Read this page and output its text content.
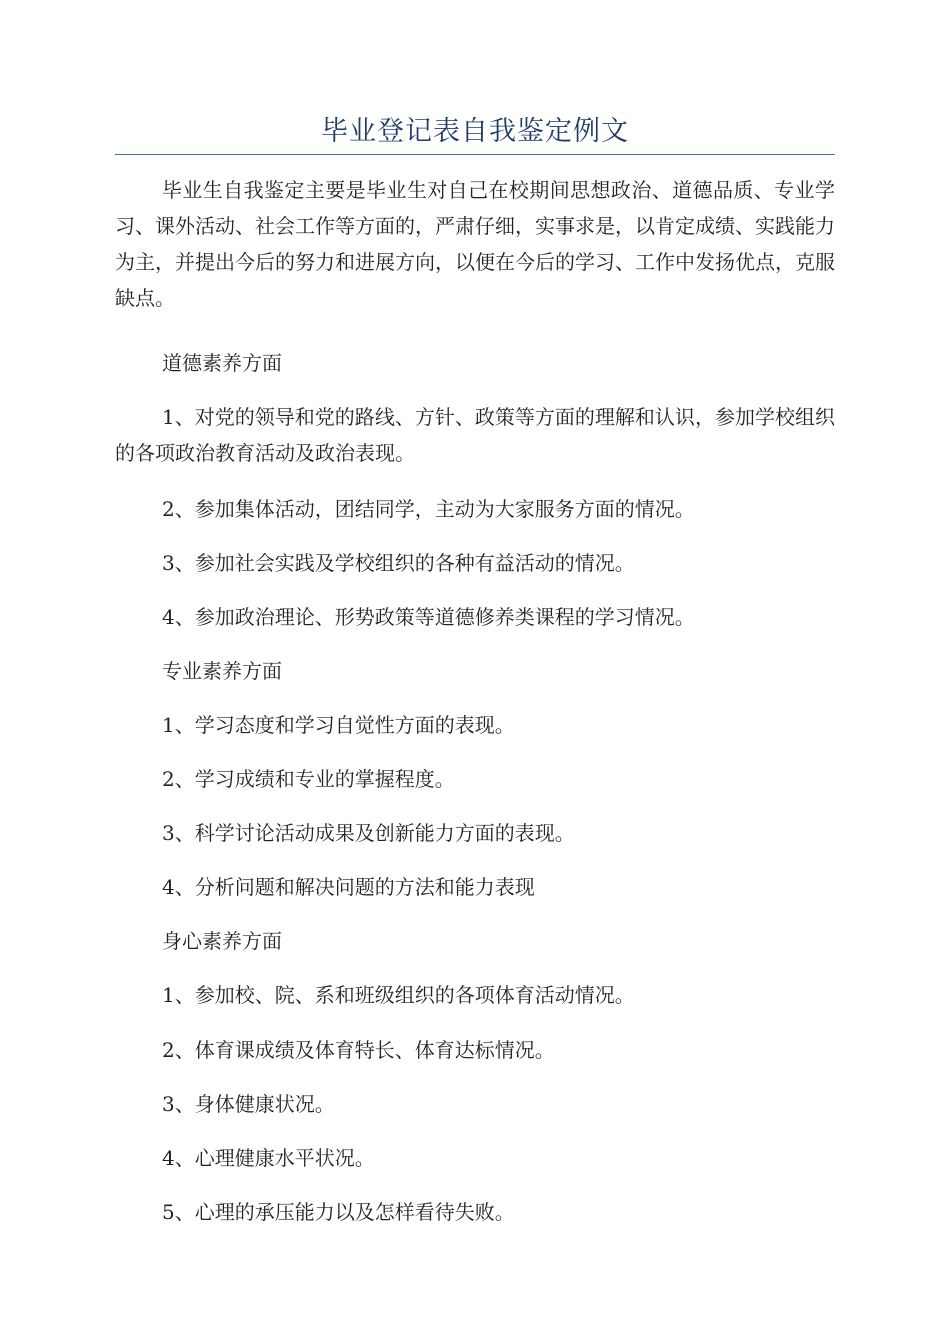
毕业登记表自我鉴定例文

毕业生自我鉴定主要是毕业生对自己在校期间思想政治、道德品质、专业学习、课外活动、社会工作等方面的，严肃仔细，实事求是，以肯定成绩、实践能力为主，并提出今后的努力和进展方向，以便在今后的学习、工作中发扬优点，克服缺点。

道德素养方面

1、对党的领导和党的路线、方针、政策等方面的理解和认识，参加学校组织的各项政治教育活动及政治表现。

2、参加集体活动，团结同学，主动为大家服务方面的情况。

3、参加社会实践及学校组织的各种有益活动的情况。

4、参加政治理论、形势政策等道德修养类课程的学习情况。

专业素养方面

1、学习态度和学习自觉性方面的表现。

2、学习成绩和专业的掌握程度。

3、科学讨论活动成果及创新能力方面的表现。

4、分析问题和解决问题的方法和能力表现

身心素养方面

1、参加校、院、系和班级组织的各项体育活动情况。

2、体育课成绩及体育特长、体育达标情况。

3、身体健康状况。

4、心理健康水平状况。

5、心理的承压能力以及怎样看待失败。
